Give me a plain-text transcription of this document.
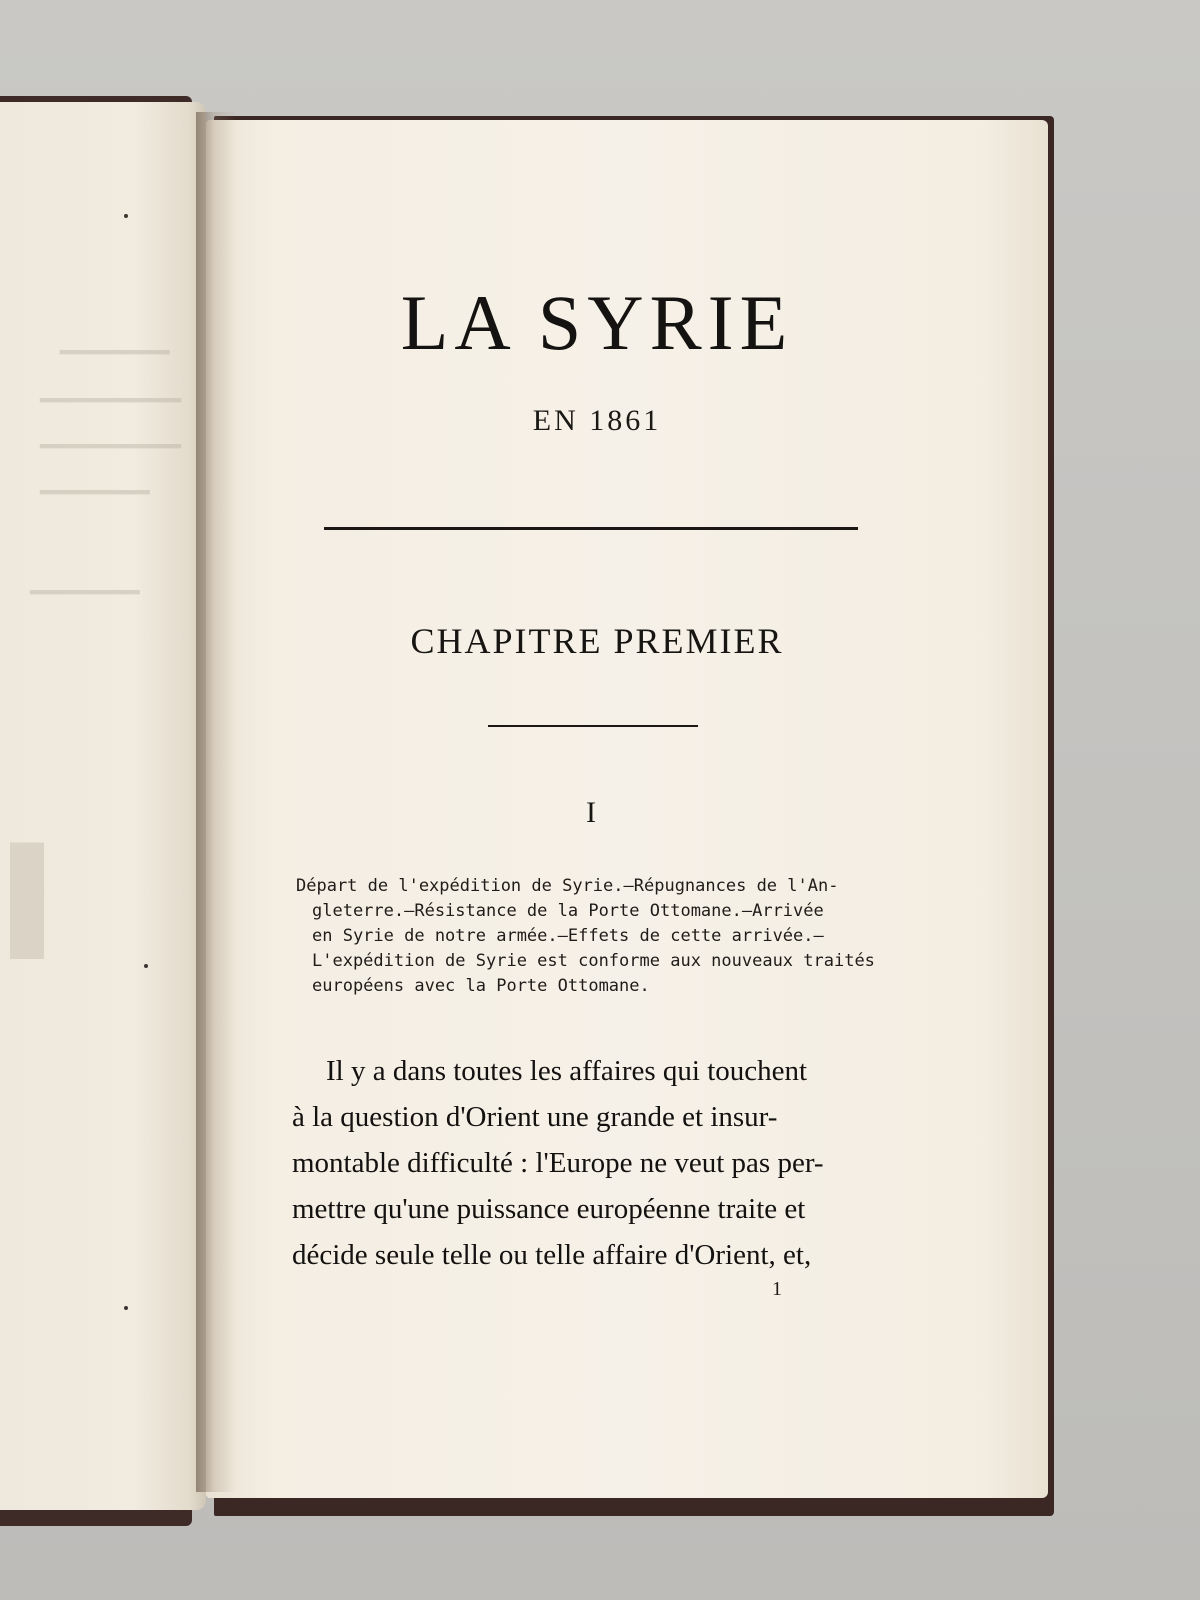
━━━━━━━
━━━━━━━━━
━━━━━━━━━
━━━━━━━
━━━━━━━
▌
LA SYRIE
EN 1861
CHAPITRE PREMIER
I
Départ de l'expédition de Syrie.—Répugnances de l'An-
gleterre.—Résistance de la Porte Ottomane.—Arrivée
en Syrie de notre armée.—Effets de cette arrivée.—
L'expédition de Syrie est conforme aux nouveaux traités
européens avec la Porte Ottomane.
Il y a dans toutes les affaires qui touchent
à la question d'Orient une grande et insur-
montable difficulté : l'Europe ne veut pas per-
mettre qu'une puissance européenne traite et
décide seule telle ou telle affaire d'Orient, et,
1
